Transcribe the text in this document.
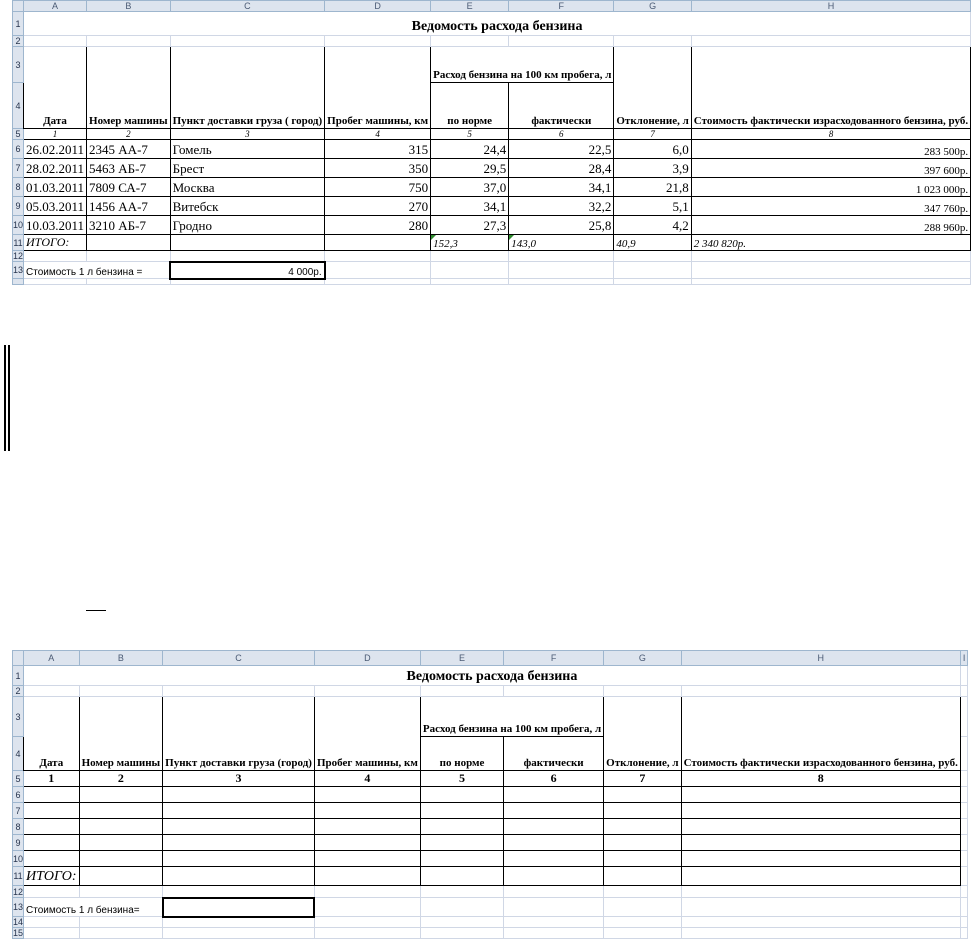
	A	B	C	D	E	F	G	H
1	Ведомость расхода бензина							
2								
3	Дата	Номер машины	Пункт доставки груза ( город)	Пробег машины, км	Расход бензина на 100 км пробега, л		Отклонение, л	Стоимость фактически израсходованного бензина, руб.
4					по норме	фактически		
5	1	2	3	4	5	6	7	8
6	26.02.2011	2345 АА-7	Гомель	315	24,4	22,5	6,0	283 500р.
7	28.02.2011	5463 АБ-7	Брест	350	29,5	28,4	3,9	397 600р.
8	01.03.2011	7809 СА-7	Москва	750	37,0	34,1	21,8	1 023 000р.
9	05.03.2011	1456 АА-7	Витебск	270	34,1	32,2	5,1	347 760р.
10	10.03.2011	3210 АБ-7	Гродно	280	27,3	25,8	4,2	288 960р.
11	ИТОГО:				152,3	143,0	40,9	2 340 820р.
12								
13	Стоимость 1 л бензина =		4 000р.					

	A	B	C	D	E	F	G	H	I
1	Ведомость расхода бензина								
2									
3	Дата	Номер машины	Пункт доставки груза (город)	Пробег машины, км	Расход бензина на 100 км пробега, л		Отклонение, л	Стоимость фактически израсходованного бензина, руб.	
4					по норме	фактически			
5	1	2	3	4	5	6	7	8	
6									
7									
8									
9									
10									
11	ИТОГО:								
12									
13	Стоимость 1 л бензина=								
14									
15									
